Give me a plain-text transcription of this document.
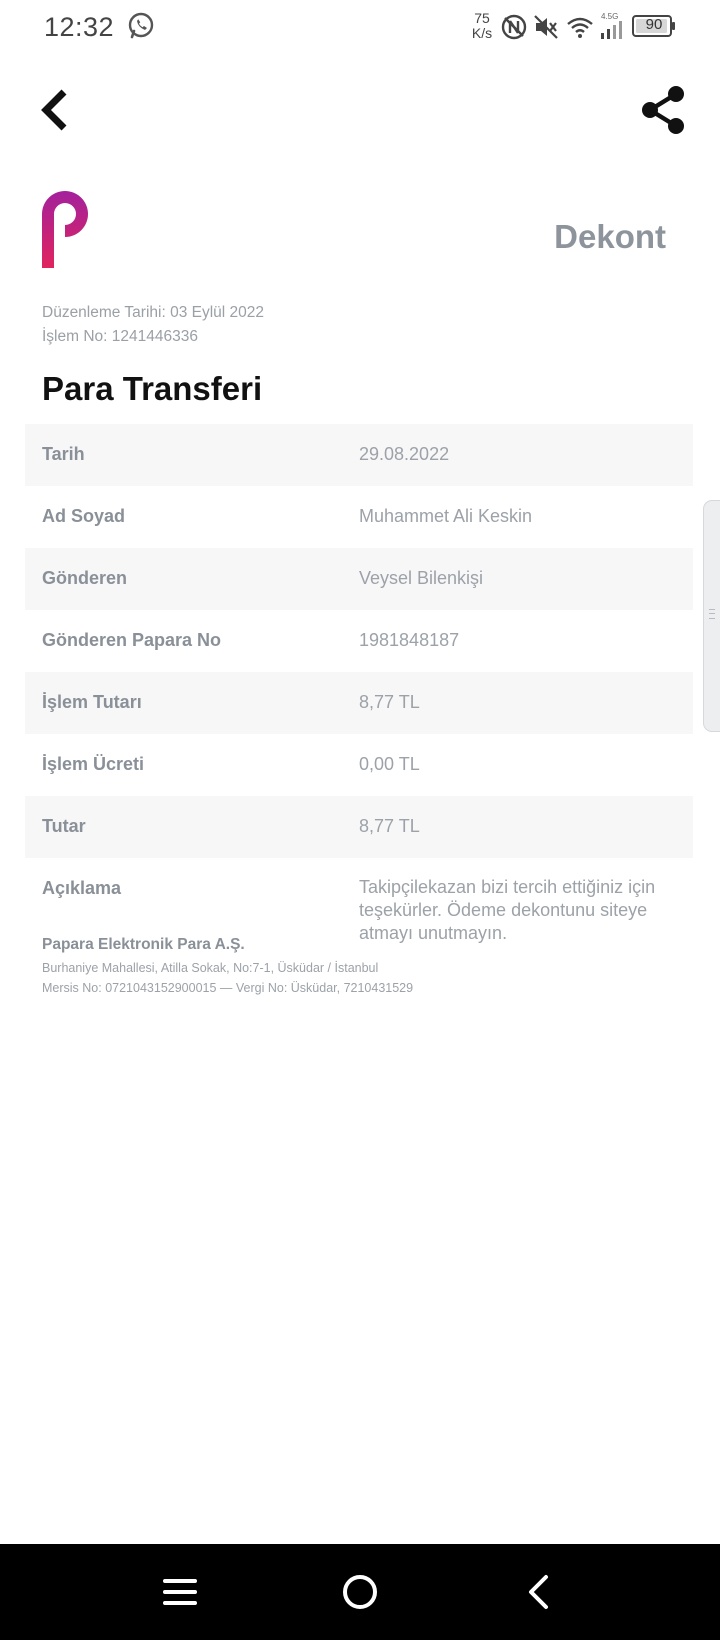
12:32	75
K/s
4.5G	90
Dekont
Düzenleme Tarihi: 03 Eylül 2022
İşlem No: 1241446336
Para Transferi
Tarih	29.08.2022
Ad Soyad	Muhammet Ali Keskin
Gönderen	Veysel Bilenkişi
Gönderen Papara No	1981848187
İşlem Tutarı	8,77 TL
İşlem Ücreti	0,00 TL
Tutar	8,77 TL
Açıklama	Takipçilekazan bizi tercih ettiğiniz için teşekürler. Ödeme dekontunu siteye atmayı unutmayın.
Papara Elektronik Para A.Ş.
Burhaniye Mahallesi, Atilla Sokak, No:7-1, Üsküdar / İstanbul
Mersis No: 0721043152900015 — Vergi No: Üsküdar, 7210431529
